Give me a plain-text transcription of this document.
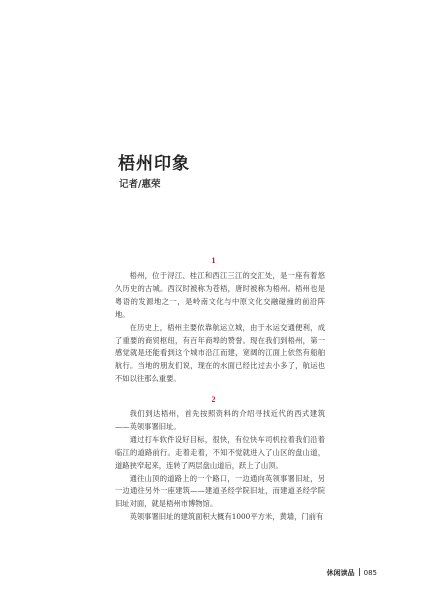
梧州印象
记者/惠荣
1

梧州，位于浔江、桂江和西江三江的交汇处，是一座有着悠久历史的古城。西汉时被称为苍梧，唐时被称为梧州。梧州也是粤语的发源地之一，是岭南文化与中原文化交融碰撞的前沿阵地。

在历史上，梧州主要依靠航运立城，由于水运交通便利，成了重要的商贸枢纽，有百年商埠的赞誉。现在我们到梧州，第一感觉就是还能看到这个城市沿江而建，宽阔的江面上依然有船舶航行。当地的朋友们说，现在的水面已经比过去小多了，航运也不如以往那么重要。

2

我们到达梧州，首先按照资料的介绍寻找近代的西式建筑——英领事署旧址。

通过打车软件设好目标，很快，有位快车司机拉着我们沿着临江的道路前行。走着走着，不知不觉就进入了山区的盘山道，道路狭窄起来，连转了两层盘山道后，跃上了山顶。

通往山顶的道路上的一个路口，一边通向英领事署旧址，另一边通往另外一座建筑——建道圣经学院旧址，而建道圣经学院旧址对面，就是梧州市博物馆。

英领事署旧址的建筑面积大概有1000平方米，黄墙，门前有

休闲读品 085
